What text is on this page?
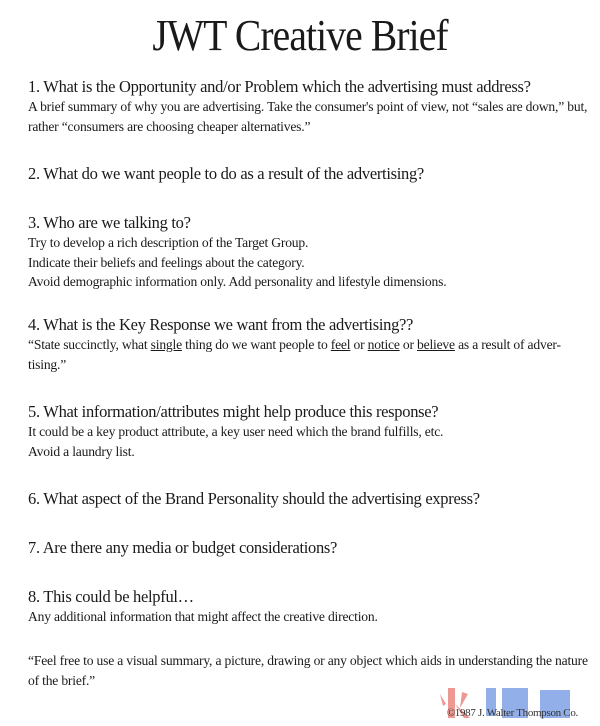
JWT Creative Brief
1. What is the Opportunity and/or Problem which the advertising must address?
A brief summary of why you are advertising. Take the consumer's point of view, not “sales are down,” but, rather “consumers are choosing cheaper alternatives.”
2. What do we want people to do as a result of the advertising?
3. Who are we talking to?
Try to develop a rich description of the Target Group.
Indicate their beliefs and feelings about the category.
Avoid demographic information only. Add personality and lifestyle dimensions.
4. What is the Key Response we want from the advertising??
“State succinctly, what single thing do we want people to feel or notice or believe as a result of adver-tising.”
5. What information/attributes might help produce this response?
It could be a key product attribute, a key user need which the brand fulfills, etc.
Avoid a laundry list.
6. What aspect of the Brand Personality should the advertising express?
7. Are there any media or budget considerations?
8. This could be helpful…
Any additional information that might affect the creative direction.
“Feel free to use a visual summary, a picture, drawing or any object which aids in understanding the nature of the brief.”
©1987 J. Walter Thompson Co.
